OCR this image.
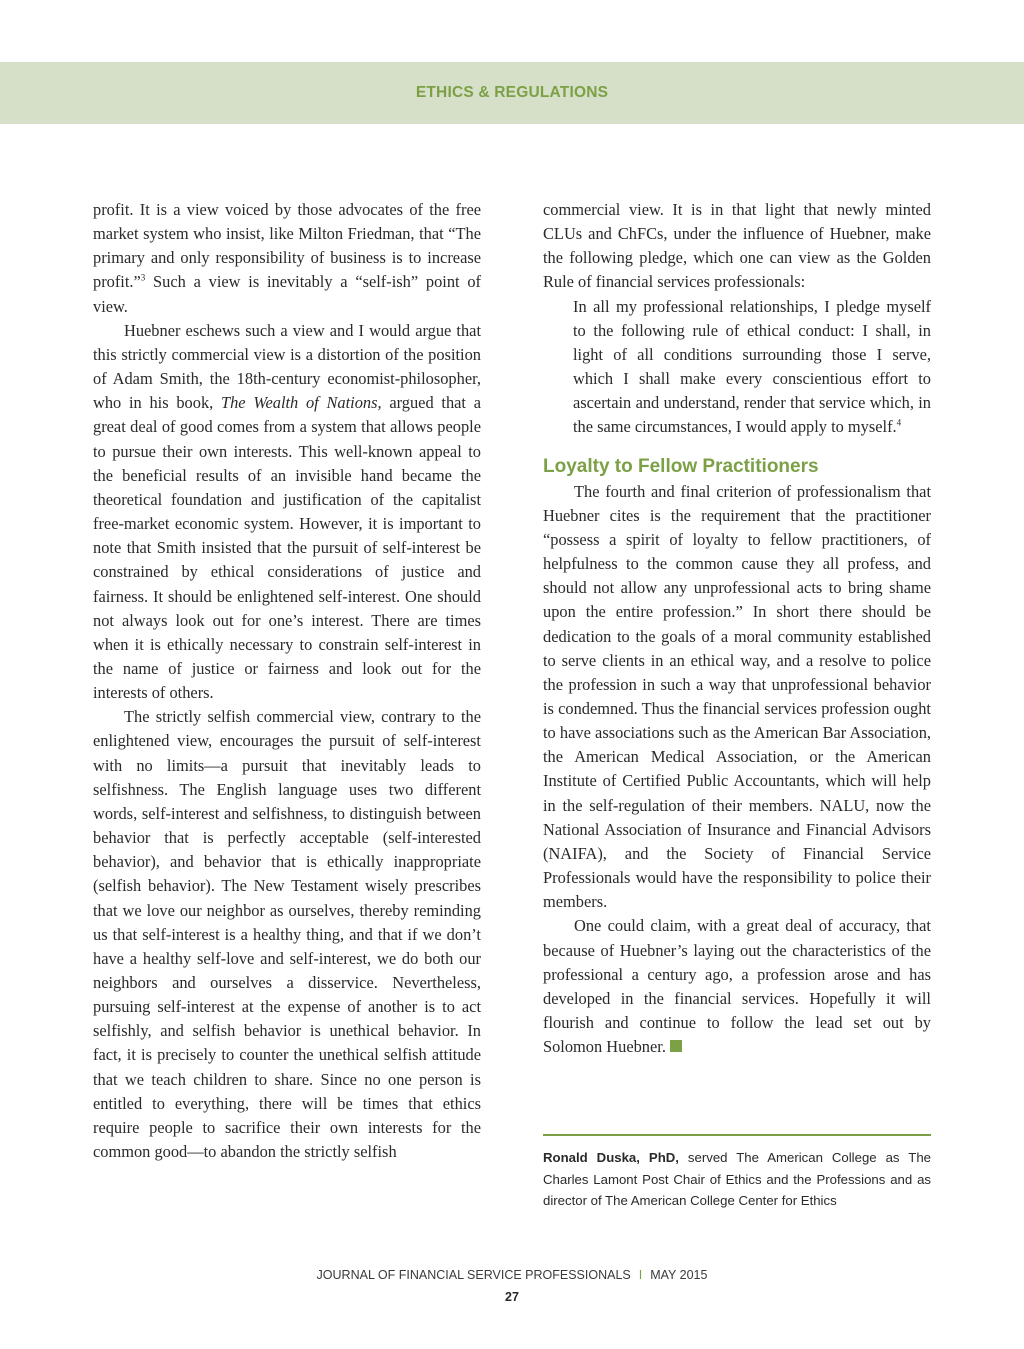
ETHICS & REGULATIONS

profit. It is a view voiced by those advocates of the free market system who insist, like Milton Friedman, that “The primary and only responsibility of business is to increase profit.”$^3$ Such a view is inevitably a “self-ish” point of view.

Huebner eschews such a view and I would argue that this strictly commercial view is a distortion of the position of Adam Smith, the 18th-century economist-philosopher, who in his book, The Wealth of Nations, argued that a great deal of good comes from a system that allows people to pursue their own interests. This well-known appeal to the beneficial results of an invisible hand became the theoretical foundation and justification of the capitalist free-market economic system. However, it is important to note that Smith insisted that the pursuit of self-interest be constrained by ethical considerations of justice and fairness. It should be enlightened self-interest. One should not always look out for one’s interest. There are times when it is ethically necessary to constrain self-interest in the name of justice or fairness and look out for the interests of others.

The strictly selfish commercial view, contrary to the enlightened view, encourages the pursuit of self-interest with no limits—a pursuit that inevitably leads to selfishness. The English language uses two different words, self-interest and selfishness, to distinguish between behavior that is perfectly acceptable (self-interested behavior), and behavior that is ethically inappropriate (selfish behavior). The New Testament wisely prescribes that we love our neighbor as ourselves, thereby reminding us that self-interest is a healthy thing, and that if we don’t have a healthy self-love and self-interest, we do both our neighbors and ourselves a disservice. Nevertheless, pursuing self-interest at the expense of another is to act selfishly, and selfish behavior is unethical behavior. In fact, it is precisely to counter the unethical selfish attitude that we teach children to share. Since no one person is entitled to everything, there will be times that ethics require people to sacrifice their own interests for the common good—to abandon the strictly selfish

commercial view. It is in that light that newly minted CLUs and ChFCs, under the influence of Huebner, make the following pledge, which one can view as the Golden Rule of financial services professionals:

In all my professional relationships, I pledge myself to the following rule of ethical conduct: I shall, in light of all conditions surrounding those I serve, which I shall make every conscientious effort to ascertain and understand, render that service which, in the same circumstances, I would apply to myself.$^4$

Loyalty to Fellow Practitioners

The fourth and final criterion of professionalism that Huebner cites is the requirement that the practitioner “possess a spirit of loyalty to fellow practitioners, of helpfulness to the common cause they all profess, and should not allow any unprofessional acts to bring shame upon the entire profession.” In short there should be dedication to the goals of a moral community established to serve clients in an ethical way, and a resolve to police the profession in such a way that unprofessional behavior is condemned. Thus the financial services profession ought to have associations such as the American Bar Association, the American Medical Association, or the American Institute of Certified Public Accountants, which will help in the self-regulation of their members. NALU, now the National Association of Insurance and Financial Advisors (NAIFA), and the Society of Financial Service Professionals would have the responsibility to police their members.

One could claim, with a great deal of accuracy, that because of Huebner’s laying out the characteristics of the professional a century ago, a profession arose and has developed in the financial services. Hopefully it will flourish and continue to follow the lead set out by Solomon Huebner.

Ronald Duska, PhD, served The American College as The Charles Lamont Post Chair of Ethics and the Professions and as director of The American College Center for Ethics
JOURNAL OF FINANCIAL SERVICE PROFESSIONALS I MAY 2015
27
